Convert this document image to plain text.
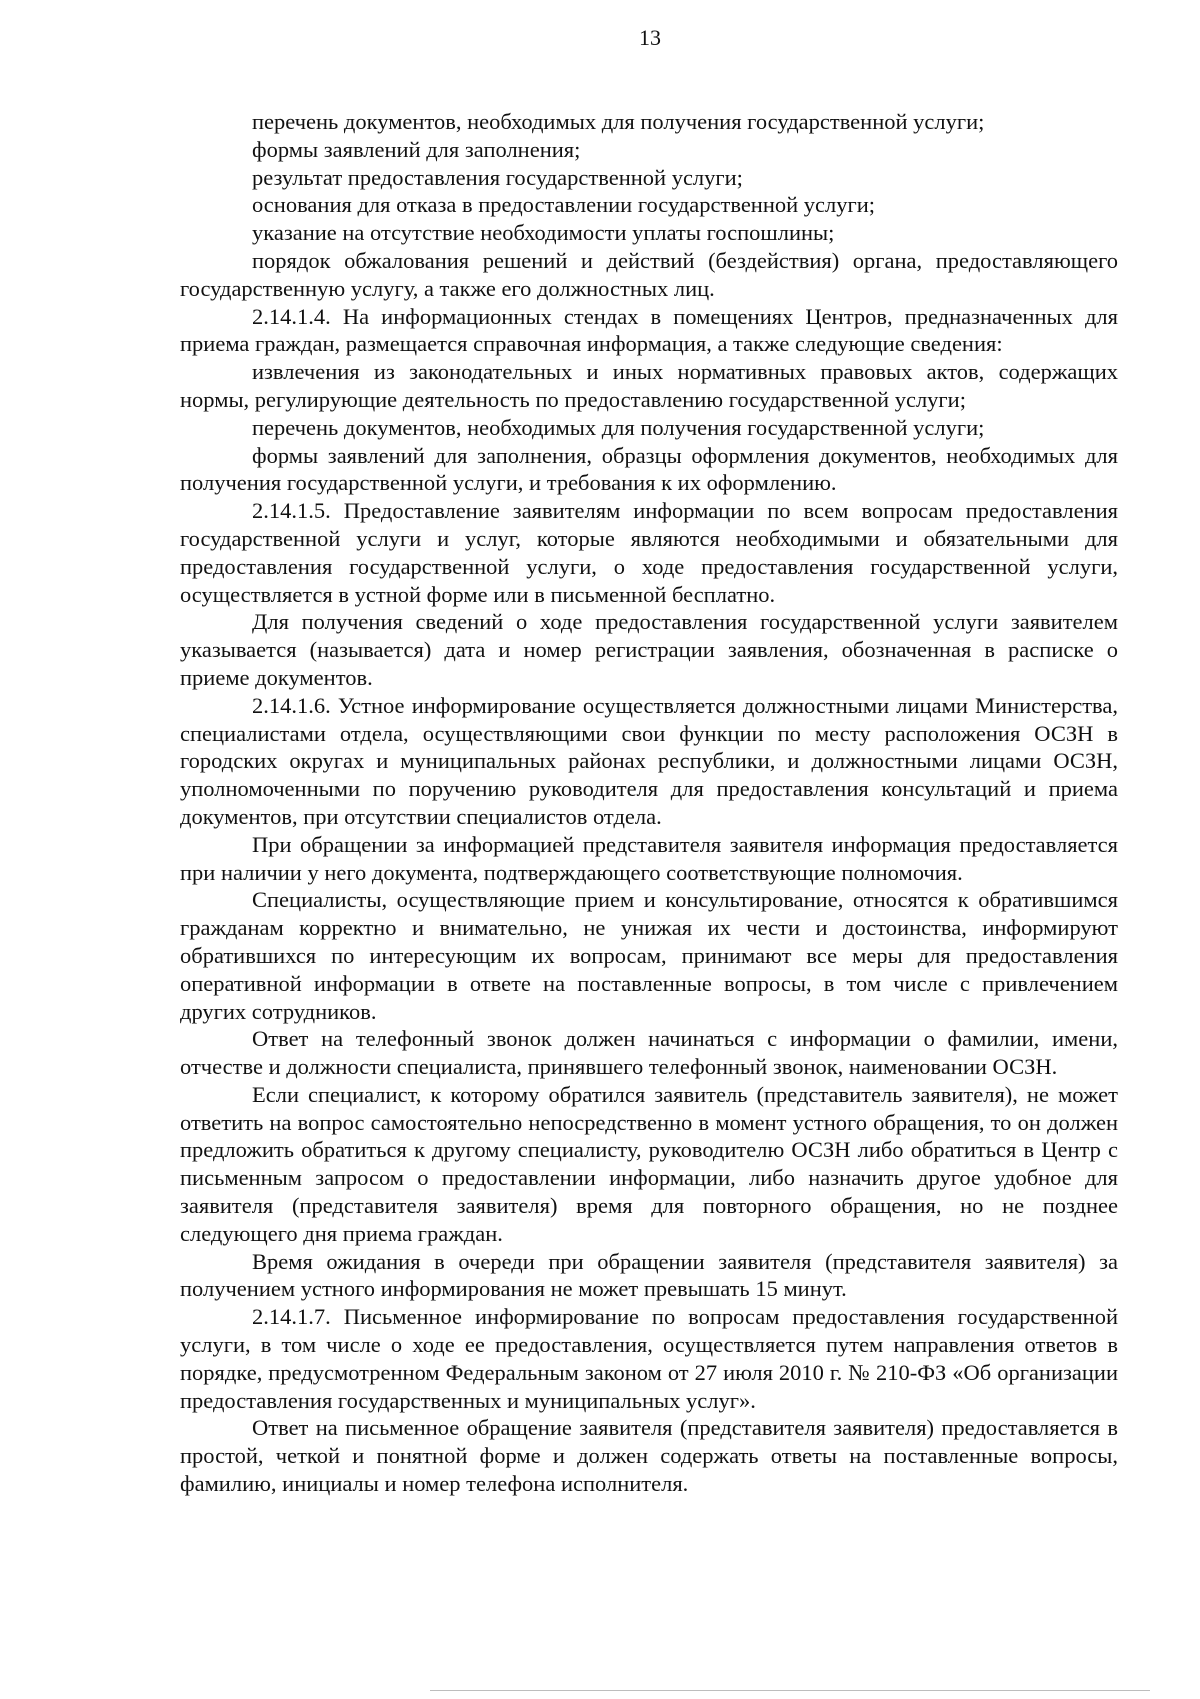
13

перечень документов, необходимых для получения государственной услуги;

формы заявлений для заполнения;

результат предоставления государственной услуги;

основания для отказа в предоставлении государственной услуги;

указание на отсутствие необходимости уплаты госпошлины;

порядок обжалования решений и действий (бездействия) органа, предоставляющего государственную услугу, а также его должностных лиц.

2.14.1.4. На информационных стендах в помещениях Центров, предназначенных для приема граждан, размещается справочная информация, а также следующие сведения:

извлечения из законодательных и иных нормативных правовых актов, содержащих нормы, регулирующие деятельность по предоставлению государственной услуги;

перечень документов, необходимых для получения государственной услуги;

формы заявлений для заполнения, образцы оформления документов, необходимых для получения государственной услуги, и требования к их оформлению.

2.14.1.5. Предоставление заявителям информации по всем вопросам предоставления государственной услуги и услуг, которые являются необходимыми и обязательными для предоставления государственной услуги, о ходе предоставления государственной услуги, осуществляется в устной форме или в письменной бесплатно.

Для получения сведений о ходе предоставления государственной услуги заявителем указывается (называется) дата и номер регистрации заявления, обозначенная в расписке о приеме документов.

2.14.1.6. Устное информирование осуществляется должностными лицами Министерства, специалистами отдела, осуществляющими свои функции по месту расположения ОСЗН в городских округах и муниципальных районах республики, и должностными лицами ОСЗН, уполномоченными по поручению руководителя для предоставления консультаций и приема документов, при отсутствии специалистов отдела.

При обращении за информацией представителя заявителя информация предоставляется при наличии у него документа, подтверждающего соответствующие полномочия.

Специалисты, осуществляющие прием и консультирование, относятся к обратившимся гражданам корректно и внимательно, не унижая их чести и достоинства, информируют обратившихся по интересующим их вопросам, принимают все меры для предоставления оперативной информации в ответе на поставленные вопросы, в том числе с привлечением других сотрудников.

Ответ на телефонный звонок должен начинаться с информации о фамилии, имени, отчестве и должности специалиста, принявшего телефонный звонок, наименовании ОСЗН.

Если специалист, к которому обратился заявитель (представитель заявителя), не может ответить на вопрос самостоятельно непосредственно в момент устного обращения, то он должен предложить обратиться к другому специалисту, руководителю ОСЗН либо обратиться в Центр с письменным запросом о предоставлении информации, либо назначить другое удобное для заявителя (представителя заявителя) время для повторного обращения, но не позднее следующего дня приема граждан.

Время ожидания в очереди при обращении заявителя (представителя заявителя) за получением устного информирования не может превышать 15 минут.

2.14.1.7. Письменное информирование по вопросам предоставления государственной услуги, в том числе о ходе ее предоставления, осуществляется путем направления ответов в порядке, предусмотренном Федеральным законом от 27 июля 2010 г. № 210-ФЗ «Об организации предоставления государственных и муниципальных услуг».

Ответ на письменное обращение заявителя (представителя заявителя) предоставляется в простой, четкой и понятной форме и должен содержать ответы на поставленные вопросы, фамилию, инициалы и номер телефона исполнителя.
